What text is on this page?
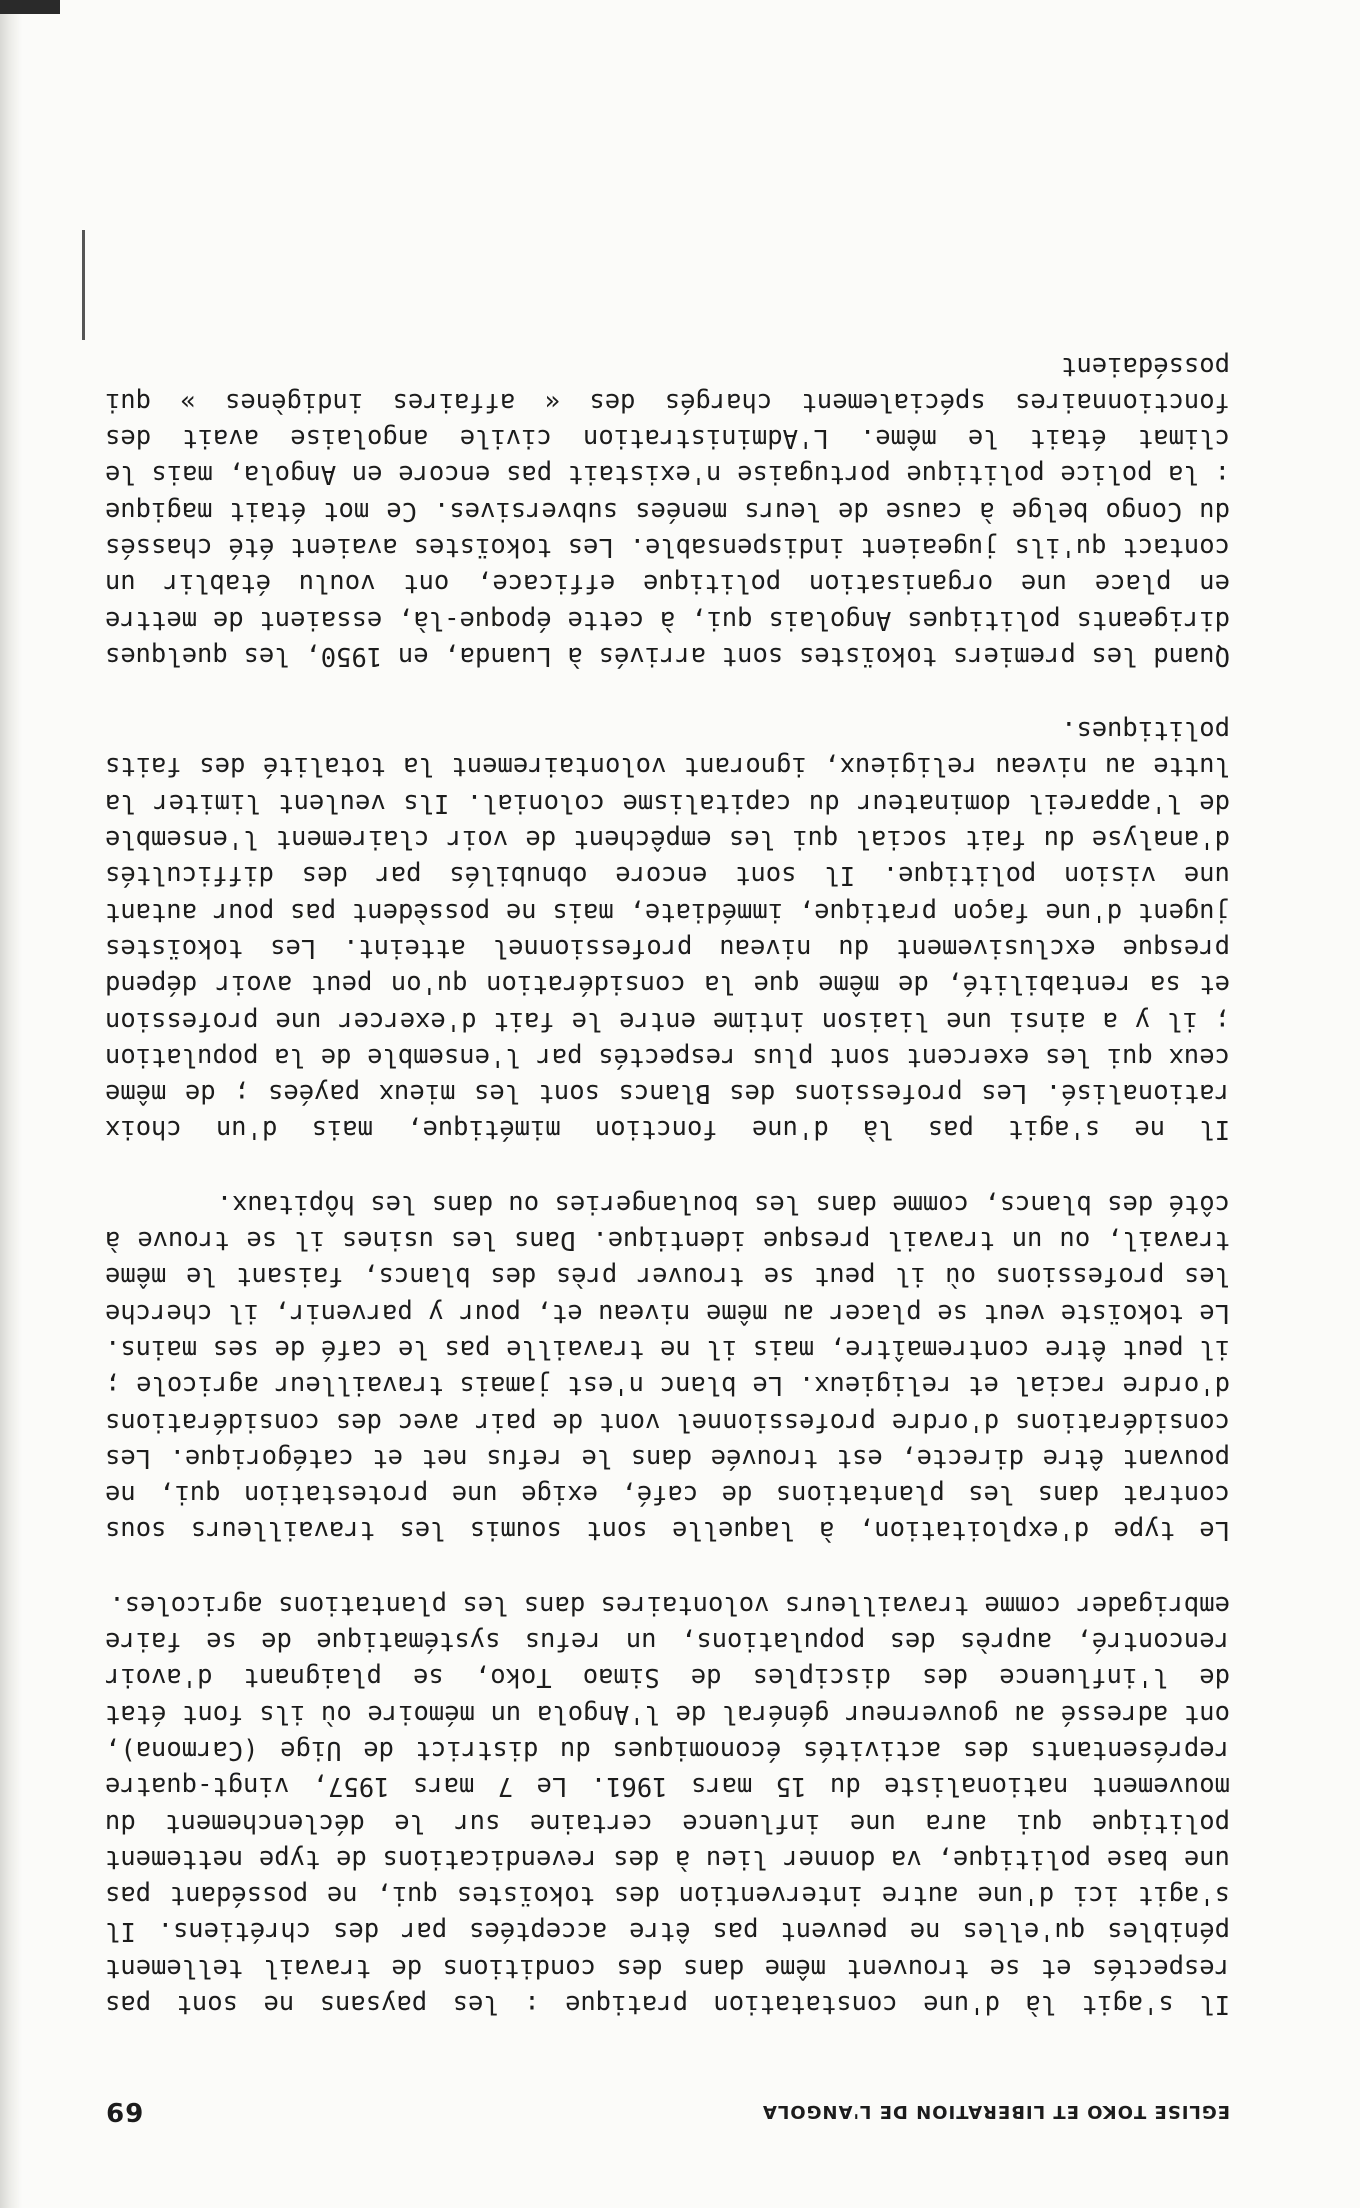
EGLISE TOKO ET LIBERATION DE L'ANGOLA
69

Il s'agit là d'une constatation pratique : les paysans ne sont pas respectés et se trouvent même dans des conditions de travail tellement pénibles qu'elles ne peuvent pas être acceptées par des chrétiens. Il s'agit ici d'une autre intervention des tokoïstes qui, ne possédant pas une base politique, va donner lieu à des revendications de type nettement politique qui aura une influence certaine sur le déclenchement du mouvement nationaliste du 15 mars 1961. Le 7 mars 1957, vingt-quatre représentants des activités économiques du district de Uige (Carmona), ont adressé au gouverneur général de l'Angola un mémoire où ils font état de l'influence des disciples de Simao Toko, se plaignant d'avoir rencontré, auprès des populations, un refus systématique de se faire embrigader comme travailleurs volontaires dans les plantations agricoles.

Le type d'exploitation, à laquelle sont soumis les travailleurs sous contrat dans les plantations de café, exige une protestation qui, ne pouvant être directe, est trouvée dans le refus net et catégorique. Les considérations d'ordre professionnel vont de pair avec des considérations d'ordre racial et religieux. Le blanc n'est jamais travailleur agricole ; il peut être contremaître, mais il ne travaille pas le café de ses mains. Le tokoïste veut se placer au même niveau et, pour y parvenir, il cherche les professions où il peut se trouver près des blancs, faisant le même travail, ou un travail presque identique. Dans les usines il se trouve à côté des blancs, comme dans les boulangeries ou dans les hôpitaux.

Il ne s'agit pas là d'une fonction mimétique, mais d'un choix rationalisé. Les professions des Blancs sont les mieux payées ; de même ceux qui les exercent sont plus respectés par l'ensemble de la population ; il y a ainsi une liaison intime entre le fait d'exercer une profession et sa rentabilité, de même que la considération qu'on peut avoir dépend presque exclusivement du niveau professionnel atteint. Les tokoïstes jugent d'une façon pratique, immédiate, mais ne possèdent pas pour autant une vision politique. Il sont encore obnubilés par des difficultés d'analyse du fait social qui les empêchent de voir clairement l'ensemble de l'appareil dominateur du capitalisme colonial. Ils veulent limiter la lutte au niveau religieux, ignorant volontairement la totalité des faits politiques.

Quand les premiers tokoïstes sont arrivés à Luanda, en 1950, les quelques dirigeants politiques Angolais qui, à cette époque-là, essaient de mettre en place une organisation politique efficace, ont voulu établir un contact qu'ils jugeaient indispensable. Les tokoïstes avaient été chassés du Congo belge à cause de leurs menées subversives. Ce mot était magique : la police politique portugaise n'existait pas encore en Angola, mais le climat était le même. L'Administration civile angolaise avait des fonctionnaires spécialement chargés des « affaires indigènes » qui possédaient
